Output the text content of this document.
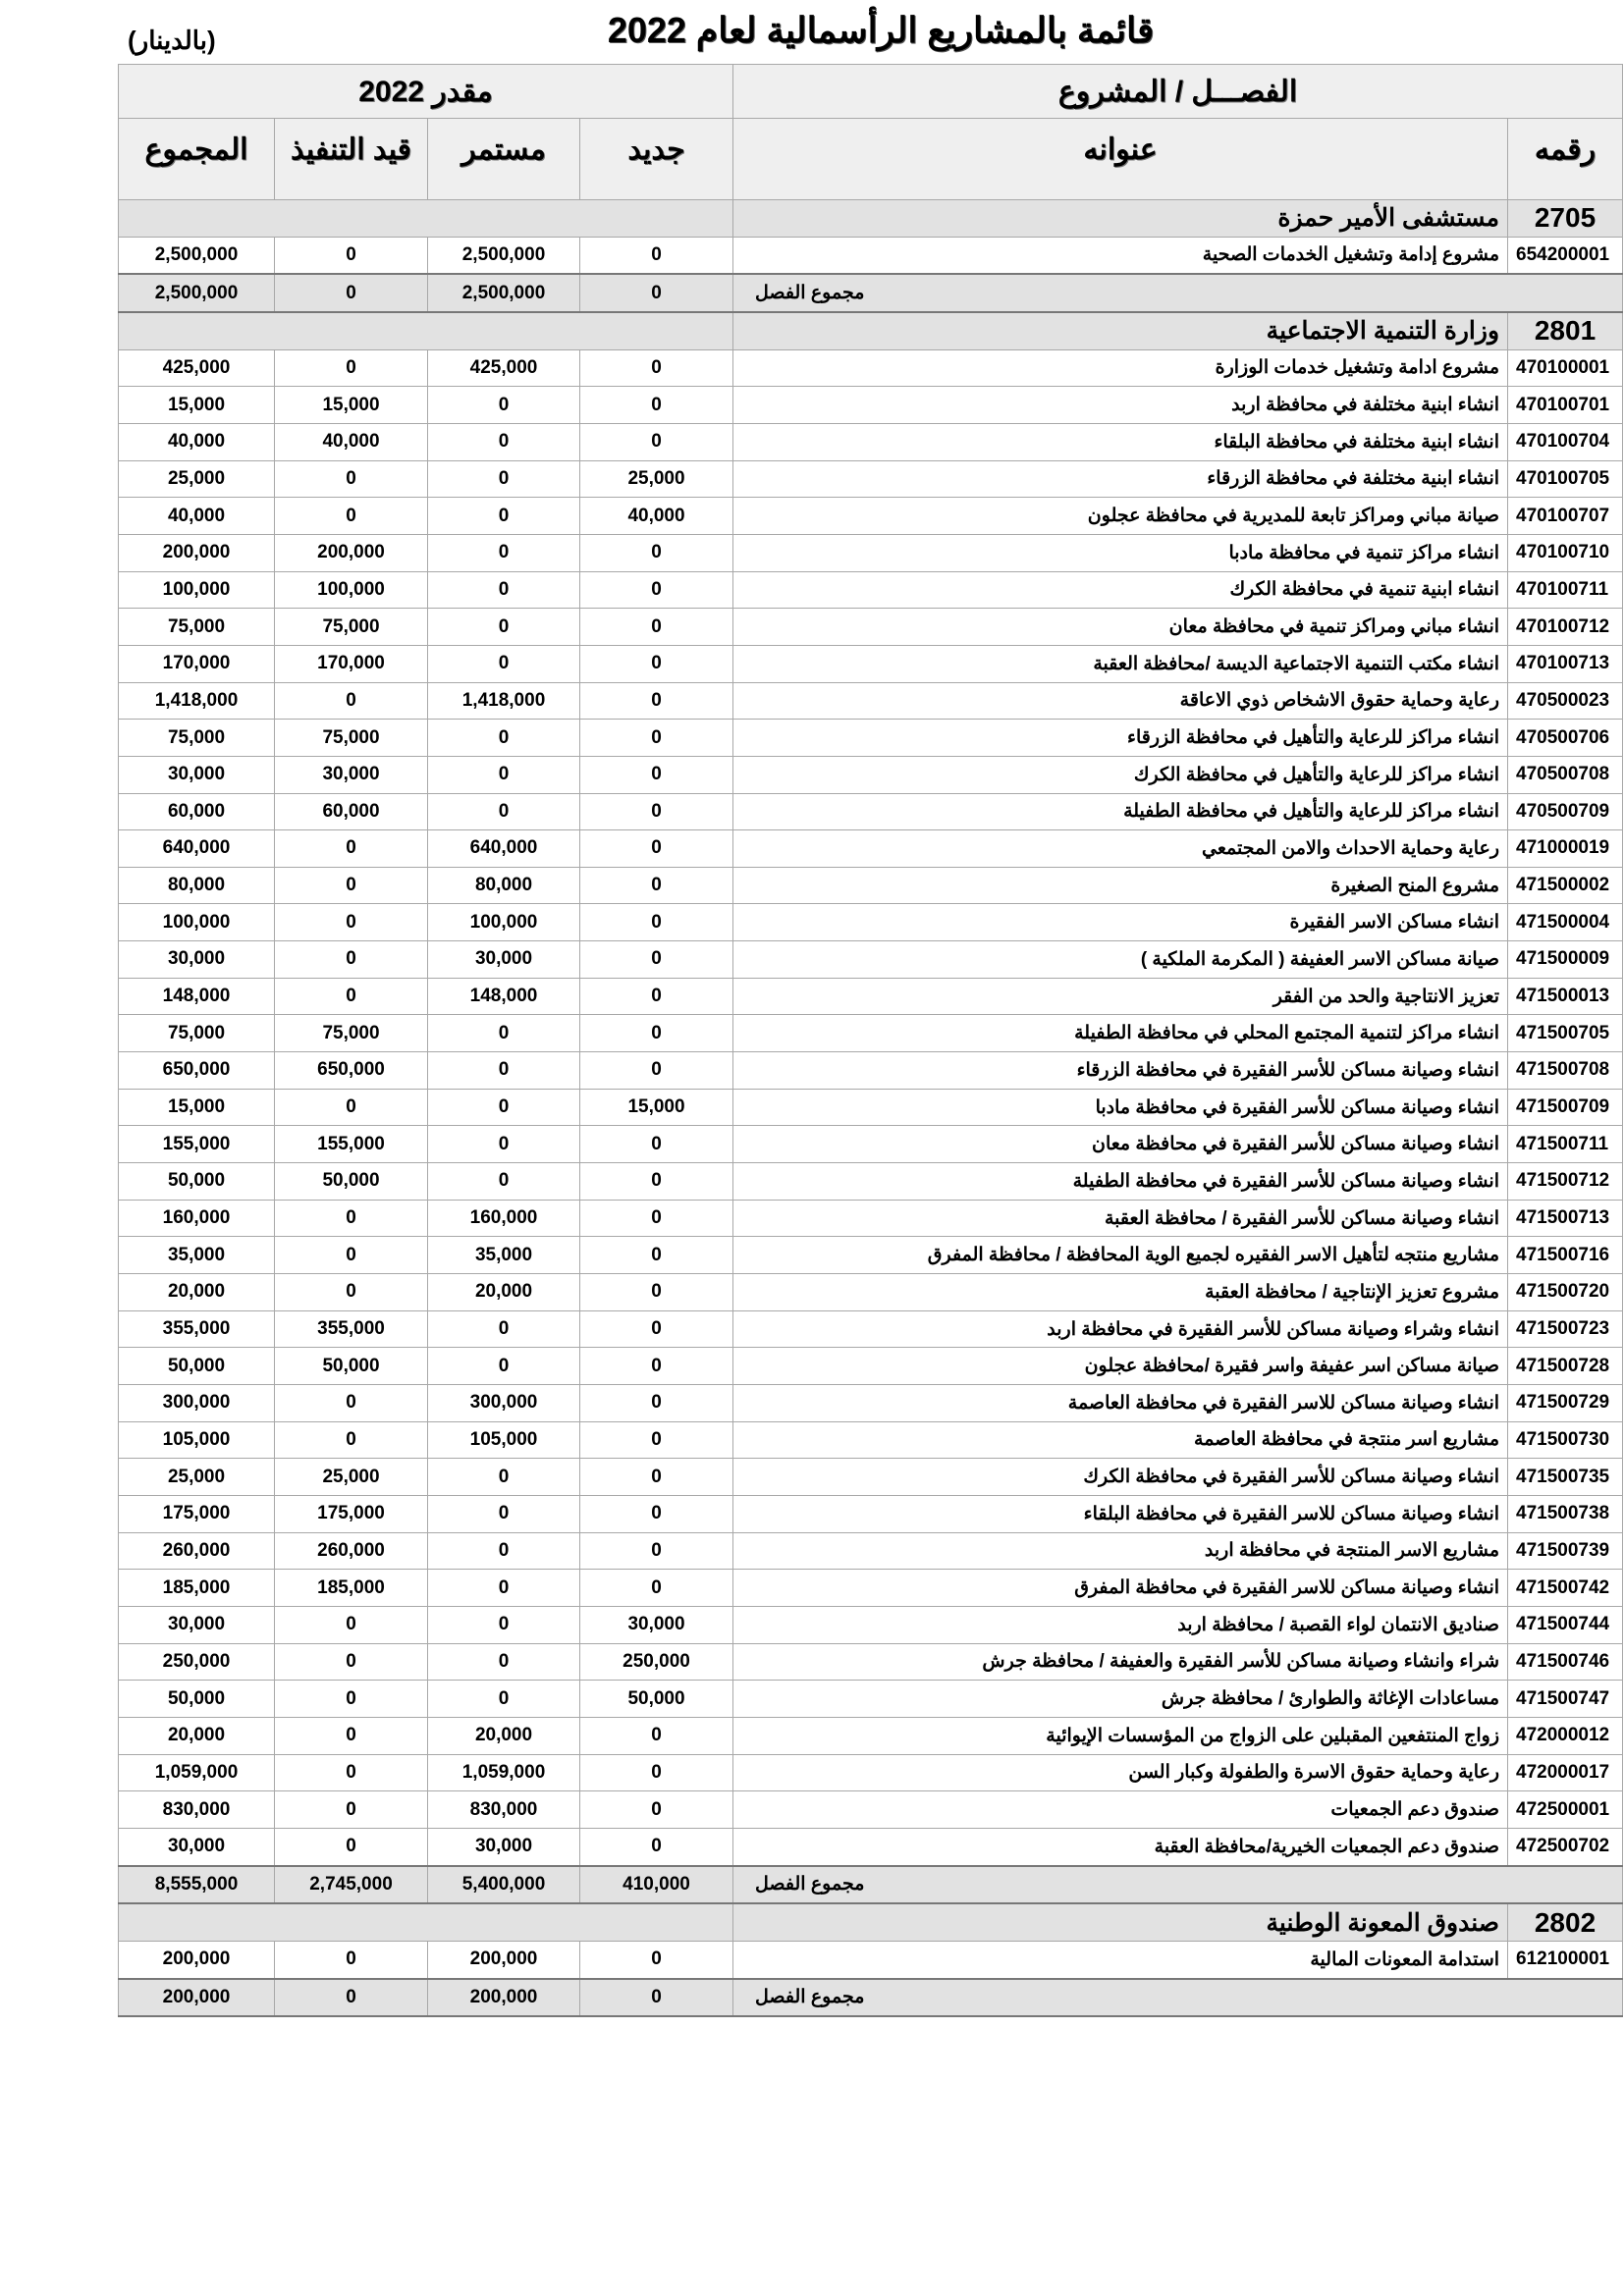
قائمة بالمشاريع الرأسمالية لعام 2022
(بالدينار)
مقدر 2022				الفصـــل / المشروع	
المجموع	قيد التنفيذ	مستمر	جديد	عنوانه	رقمه
				مستشفى الأمير حمزة	2705
2,500,000	0	2,500,000	0	مشروع إدامة وتشغيل الخدمات الصحية	654200001
2,500,000	0	2,500,000	0	مجموع الفصل	
				وزارة التنمية الاجتماعية	2801
425,000	0	425,000	0	مشروع ادامة وتشغيل خدمات الوزارة	470100001
15,000	15,000	0	0	انشاء ابنية مختلفة في محافظة اربد	470100701
40,000	40,000	0	0	انشاء ابنية مختلفة في محافظة البلقاء	470100704
25,000	0	0	25,000	انشاء ابنية مختلفة في محافظة الزرقاء	470100705
40,000	0	0	40,000	صيانة مباني ومراكز تابعة للمديرية في محافظة عجلون	470100707
200,000	200,000	0	0	انشاء مراكز تنمية في محافظة مادبا	470100710
100,000	100,000	0	0	انشاء ابنية تنمية في محافظة الكرك	470100711
75,000	75,000	0	0	انشاء مباني ومراكز تنمية في محافظة معان	470100712
170,000	170,000	0	0	انشاء مكتب التنمية الاجتماعية الديسة /محافظة العقبة	470100713
1,418,000	0	1,418,000	0	رعاية وحماية حقوق الاشخاص ذوي الاعاقة	470500023
75,000	75,000	0	0	انشاء مراكز للرعاية والتأهيل في محافظة الزرقاء	470500706
30,000	30,000	0	0	انشاء مراكز للرعاية والتأهيل في محافظة الكرك	470500708
60,000	60,000	0	0	انشاء مراكز للرعاية والتأهيل في محافظة الطفيلة	470500709
640,000	0	640,000	0	رعاية وحماية الاحداث والامن المجتمعي	471000019
80,000	0	80,000	0	مشروع المنح الصغيرة	471500002
100,000	0	100,000	0	انشاء مساكن الاسر الفقيرة	471500004
30,000	0	30,000	0	صيانة مساكن الاسر العفيفة ( المكرمة الملكية )	471500009
148,000	0	148,000	0	تعزيز الانتاجية والحد من الفقر	471500013
75,000	75,000	0	0	انشاء مراكز لتنمية المجتمع المحلي في محافظة الطفيلة	471500705
650,000	650,000	0	0	انشاء وصيانة مساكن للأسر الفقيرة في محافظة الزرقاء	471500708
15,000	0	0	15,000	انشاء وصيانة مساكن للأسر الفقيرة في محافظة مادبا	471500709
155,000	155,000	0	0	انشاء وصيانة مساكن للأسر الفقيرة في محافظة معان	471500711
50,000	50,000	0	0	انشاء وصيانة مساكن للأسر الفقيرة في محافظة الطفيلة	471500712
160,000	0	160,000	0	انشاء وصيانة مساكن للأسر الفقيرة / محافظة العقبة	471500713
35,000	0	35,000	0	مشاريع منتجه لتأهيل الاسر الفقيره لجميع الوية المحافظة / محافظة المفرق	471500716
20,000	0	20,000	0	مشروع تعزيز الإنتاجية / محافظة العقبة	471500720
355,000	355,000	0	0	انشاء وشراء وصيانة مساكن للأسر الفقيرة في محافظة اربد	471500723
50,000	50,000	0	0	صيانة مساكن اسر عفيفة واسر فقيرة /محافظة عجلون	471500728
300,000	0	300,000	0	انشاء وصيانة مساكن للاسر الفقيرة في محافظة العاصمة	471500729
105,000	0	105,000	0	مشاريع اسر منتجة في محافظة العاصمة	471500730
25,000	25,000	0	0	انشاء وصيانة مساكن للأسر الفقيرة في محافظة الكرك	471500735
175,000	175,000	0	0	انشاء وصيانة مساكن للاسر الفقيرة في محافظة البلقاء	471500738
260,000	260,000	0	0	مشاريع الاسر المنتجة في محافظة اربد	471500739
185,000	185,000	0	0	انشاء وصيانة مساكن للاسر الفقيرة في محافظة المفرق	471500742
30,000	0	0	30,000	صناديق الانتمان لواء القصبة / محافظة اربد	471500744
250,000	0	0	250,000	شراء وانشاء وصيانة مساكن للأسر الفقيرة والعفيفة / محافظة جرش	471500746
50,000	0	0	50,000	مساعادات الإغاثة والطوارئ / محافظة جرش	471500747
20,000	0	20,000	0	زواج المنتفعين المقبلين على الزواج من المؤسسات الإيوائية	472000012
1,059,000	0	1,059,000	0	رعاية وحماية حقوق الاسرة والطفولة وكبار السن	472000017
830,000	0	830,000	0	صندوق دعم الجمعيات	472500001
30,000	0	30,000	0	صندوق دعم الجمعيات الخيرية/محافظة العقبة	472500702
8,555,000	2,745,000	5,400,000	410,000	مجموع الفصل	
				صندوق المعونة الوطنية	2802
200,000	0	200,000	0	استدامة المعونات المالية	612100001
200,000	0	200,000	0	مجموع الفصل	
